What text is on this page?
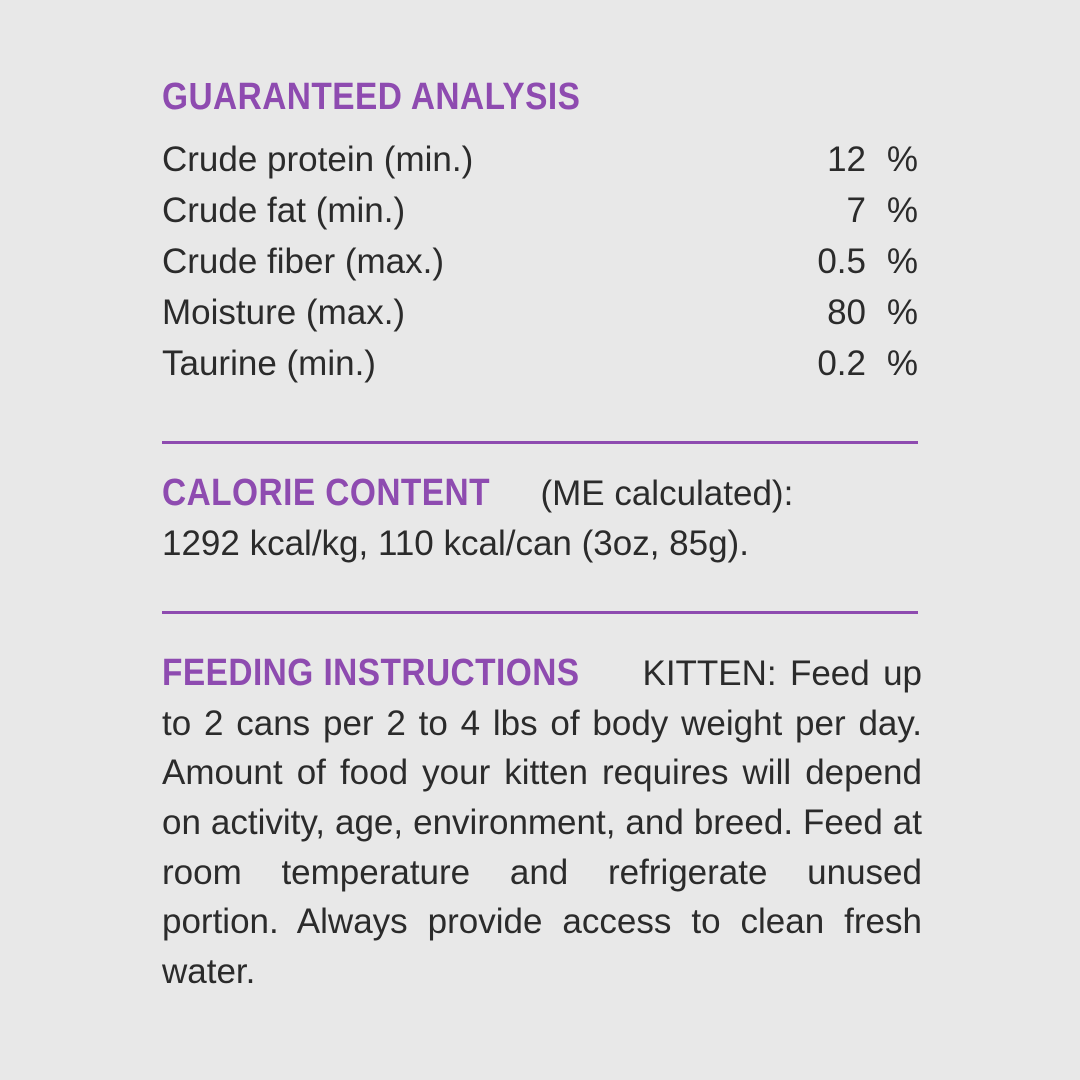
GUARANTEED ANALYSIS
Crude protein (min.)	12	%
Crude fat (min.)	7	%
Crude fiber (max.)	0.5	%
Moisture (max.)	80	%
Taurine (min.)	0.2	%
CALORIE CONTENT (ME calculated):
1292 kcal/kg, 110 kcal/can (3oz, 85g).

FEEDING INSTRUCTIONS KITTEN: Feed up to 2 cans per 2 to 4 lbs of body weight per day. Amount of food your kitten requires will depend on activity, age, environment, and breed. Feed at room temperature and refrigerate unused portion. Always provide access to clean fresh water.
